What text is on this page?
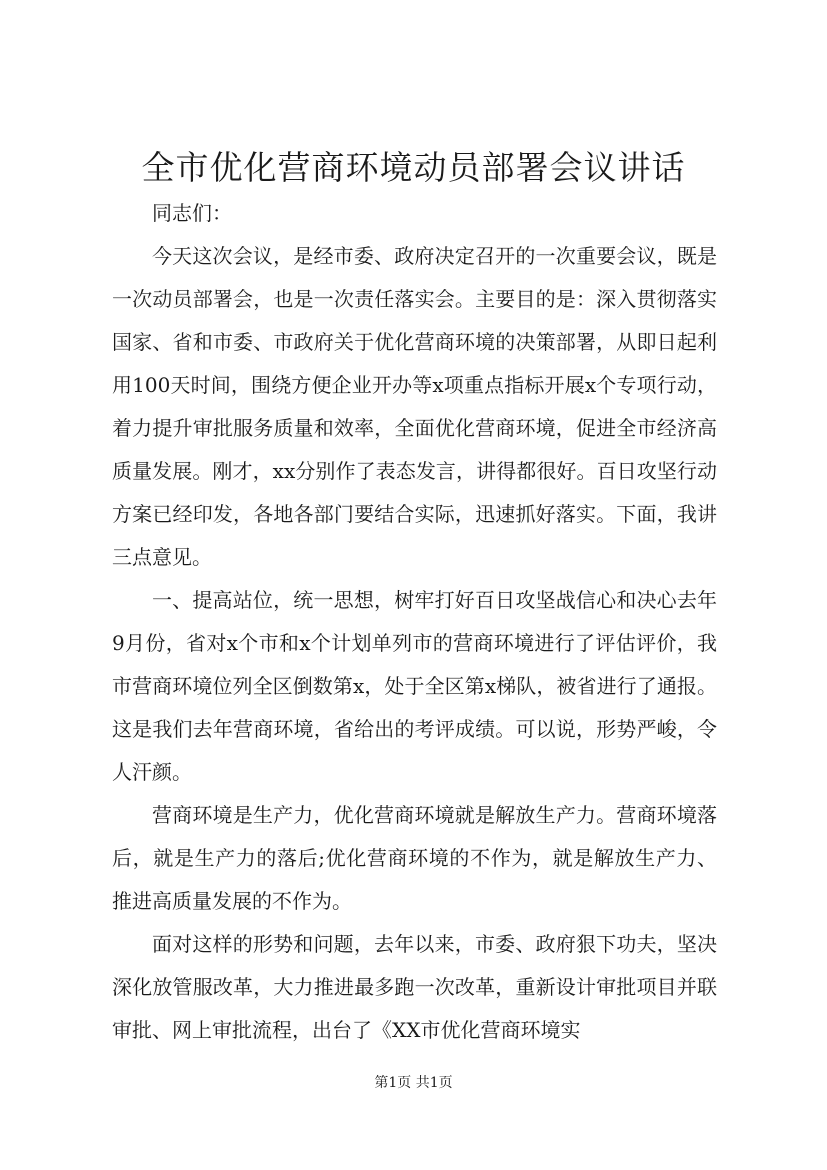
全市优化营商环境动员部署会议讲话

同志们：

今天这次会议，是经市委、政府决定召开的一次重要会议，既是一次动员部署会，也是一次责任落实会。主要目的是：深入贯彻落实国家、省和市委、市政府关于优化营商环境的决策部署，从即日起利用100天时间，围绕方便企业开办等x项重点指标开展x个专项行动，着力提升审批服务质量和效率，全面优化营商环境，促进全市经济高质量发展。刚才，xx分别作了表态发言，讲得都很好。百日攻坚行动方案已经印发，各地各部门要结合实际，迅速抓好落实。下面，我讲三点意见。

一、提高站位，统一思想，树牢打好百日攻坚战信心和决心去年9月份，省对x个市和x个计划单列市的营商环境进行了评估评价，我市营商环境位列全区倒数第x，处于全区第x梯队，被省进行了通报。这是我们去年营商环境，省给出的考评成绩。可以说，形势严峻，令人汗颜。

营商环境是生产力，优化营商环境就是解放生产力。营商环境落后，就是生产力的落后;优化营商环境的不作为，就是解放生产力、推进高质量发展的不作为。

面对这样的形势和问题，去年以来，市委、政府狠下功夫，坚决深化放管服改革，大力推进最多跑一次改革，重新设计审批项目并联审批、网上审批流程，出台了《XX市优化营商环境实

第1页 共1页
